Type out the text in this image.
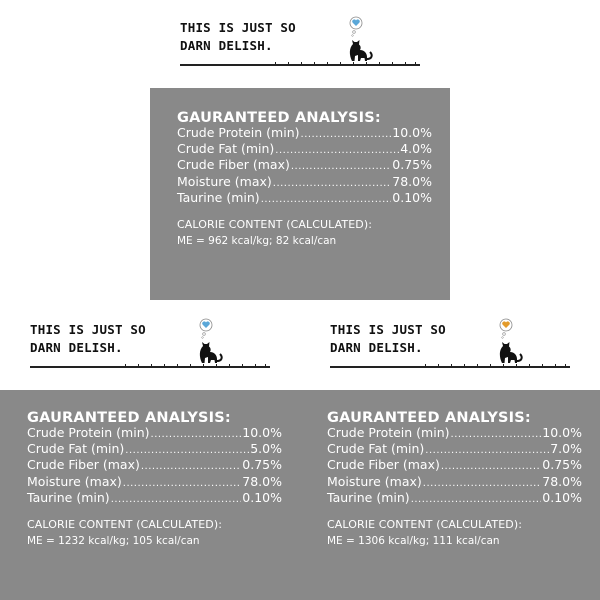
THIS IS JUST SO
DARN DELISH.
GAURANTEED ANALYSIS:
Crude Protein (min) .....	10.0%
Crude Fat (min) .....	4.0%
Crude Fiber (max) .....	0.75%
Moisture (max) .....	78.0%
Taurine (min) .....	0.10%
CALORIE CONTENT (CALCULATED):
ME = 962 kcal/kg; 82 kcal/can
THIS IS JUST SO
DARN DELISH.
GAURANTEED ANALYSIS:
Crude Protein (min) .....	10.0%
Crude Fat (min) .....	5.0%
Crude Fiber (max) .....	0.75%
Moisture (max) .....	78.0%
Taurine (min) .....	0.10%
CALORIE CONTENT (CALCULATED):
ME = 1232 kcal/kg; 105 kcal/can
THIS IS JUST SO
DARN DELISH.
GAURANTEED ANALYSIS:
Crude Protein (min) .....	10.0%
Crude Fat (min) .....	7.0%
Crude Fiber (max) .....	0.75%
Moisture (max) .....	78.0%
Taurine (min) .....	0.10%
CALORIE CONTENT (CALCULATED):
ME = 1306 kcal/kg; 111 kcal/can
